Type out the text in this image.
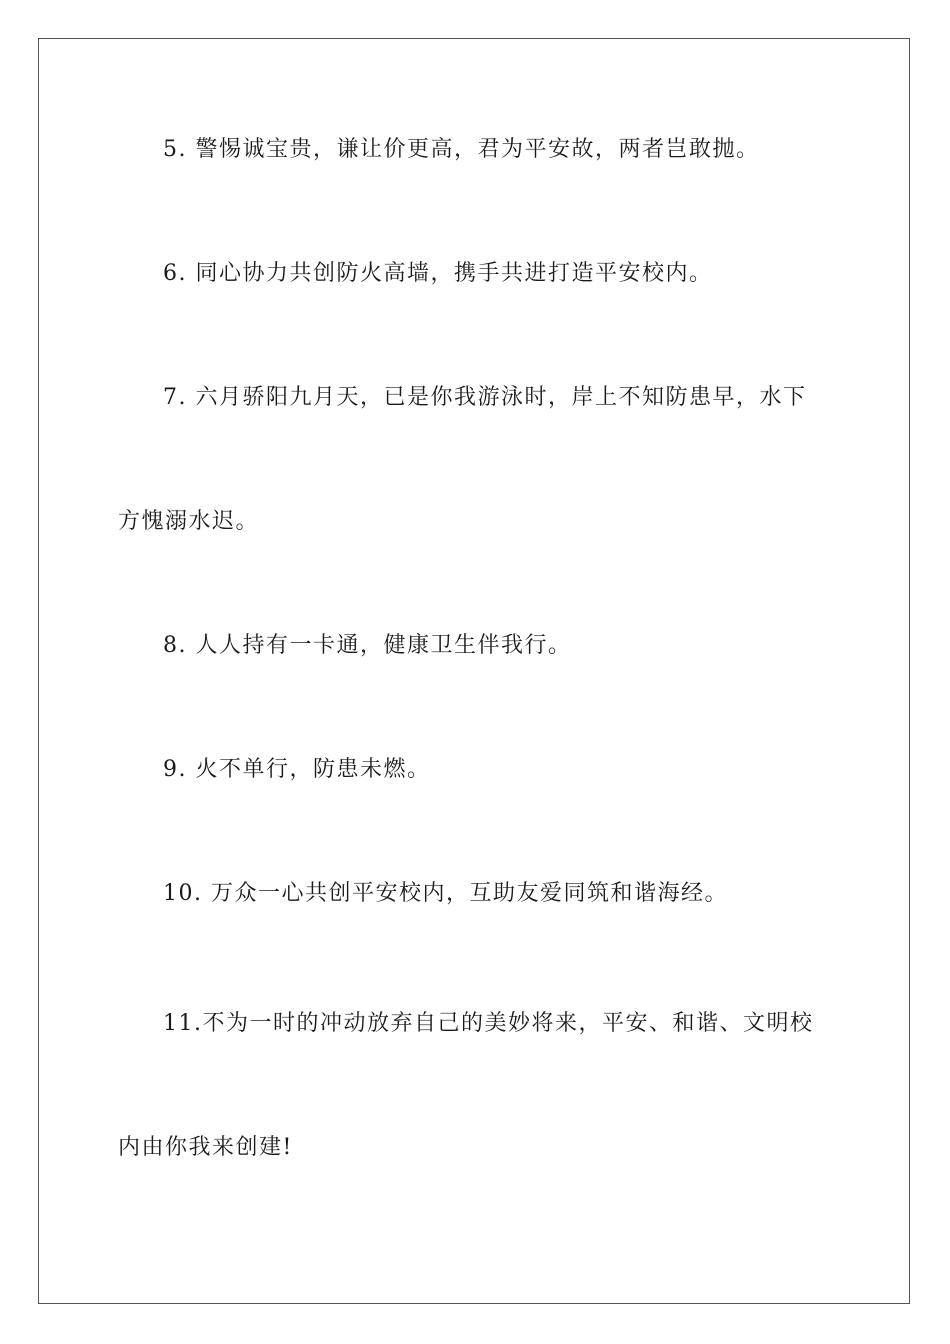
5. 警惕诚宝贵，谦让价更高，君为平安故，两者岂敢抛。
6. 同心协力共创防火高墙，携手共进打造平安校内。
7. 六月骄阳九月天，已是你我游泳时，岸上不知防患早，水下
方愧溺水迟。
8. 人人持有一卡通，健康卫生伴我行。
9. 火不单行，防患未燃。
10. 万众一心共创平安校内，互助友爱同筑和谐海经。
11.不为一时的冲动放弃自己的美妙将来，平安、和谐、文明校
内由你我来创建!
